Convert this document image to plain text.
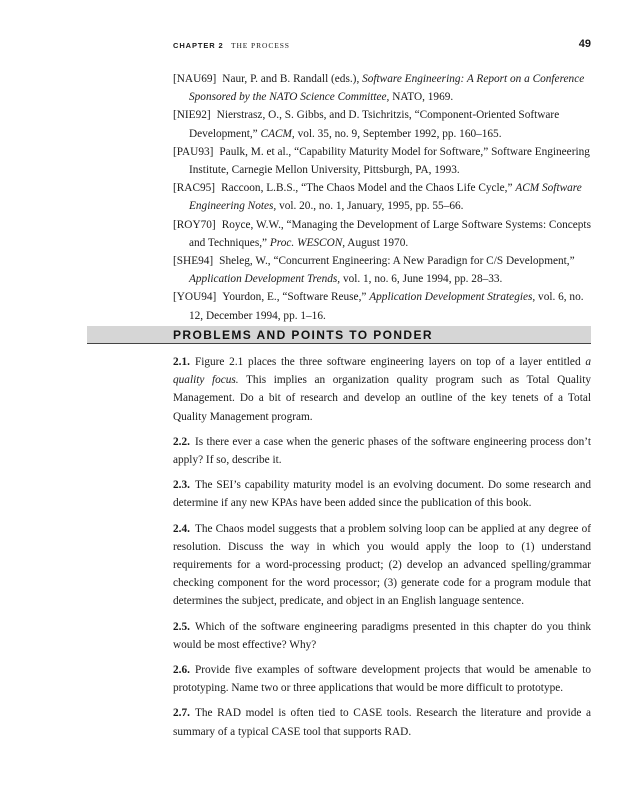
CHAPTER 2 THE PROCESS	49
[NAU69] Naur, P. and B. Randall (eds.), Software Engineering: A Report on a Conference Sponsored by the NATO Science Committee, NATO, 1969.
[NIE92] Nierstrasz, O., S. Gibbs, and D. Tsichritzis, “Component-Oriented Software Development,” CACM, vol. 35, no. 9, September 1992, pp. 160–165.
[PAU93] Paulk, M. et al., “Capability Maturity Model for Software,” Software Engineering Institute, Carnegie Mellon University, Pittsburgh, PA, 1993.
[RAC95] Raccoon, L.B.S., “The Chaos Model and the Chaos Life Cycle,” ACM Software Engineering Notes, vol. 20., no. 1, January, 1995, pp. 55–66.
[ROY70] Royce, W.W., “Managing the Development of Large Software Systems: Concepts and Techniques,” Proc. WESCON, August 1970.
[SHE94] Sheleg, W., “Concurrent Engineering: A New Paradign for C/S Development,” Application Development Trends, vol. 1, no. 6, June 1994, pp. 28–33.
[YOU94] Yourdon, E., “Software Reuse,” Application Development Strategies, vol. 6, no. 12, December 1994, pp. 1–16.
PROBLEMS AND POINTS TO PONDER
2.1. Figure 2.1 places the three software engineering layers on top of a layer entitled a quality focus. This implies an organization quality program such as Total Quality Management. Do a bit of research and develop an outline of the key tenets of a Total Quality Management program.
2.2. Is there ever a case when the generic phases of the software engineering process don’t apply? If so, describe it.
2.3. The SEI’s capability maturity model is an evolving document. Do some research and determine if any new KPAs have been added since the publication of this book.
2.4. The Chaos model suggests that a problem solving loop can be applied at any degree of resolution. Discuss the way in which you would apply the loop to (1) understand requirements for a word-processing product; (2) develop an advanced spelling/grammar checking component for the word processor; (3) generate code for a program module that determines the subject, predicate, and object in an English language sentence.
2.5. Which of the software engineering paradigms presented in this chapter do you think would be most effective? Why?
2.6. Provide five examples of software development projects that would be amenable to prototyping. Name two or three applications that would be more difficult to prototype.
2.7. The RAD model is often tied to CASE tools. Research the literature and provide a summary of a typical CASE tool that supports RAD.
